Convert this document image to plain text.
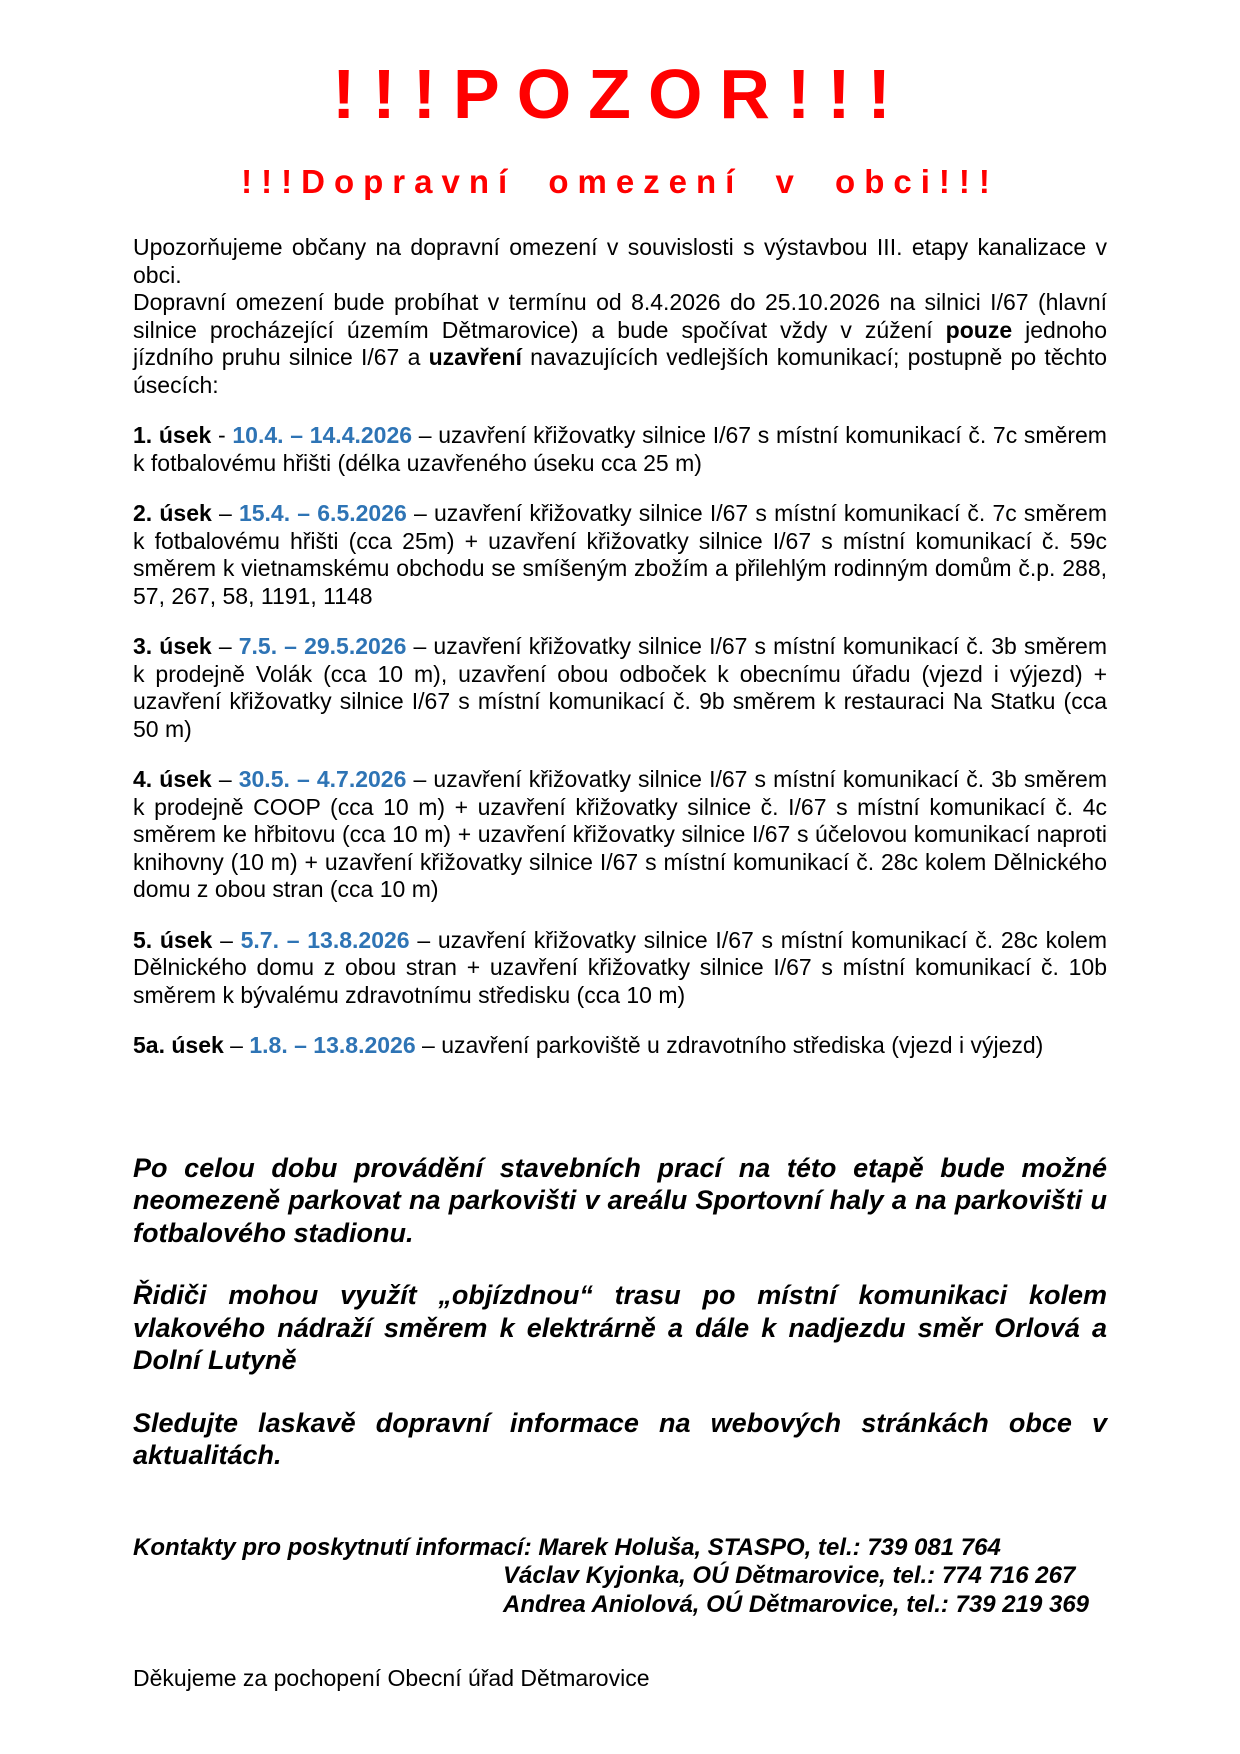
!!!POZOR!!!
!!!Dopravní omezení v obci!!!

Upozorňujeme občany na dopravní omezení v souvislosti s výstavbou III. etapy kanalizace v obci.

Dopravní omezení bude probíhat v termínu od 8.4.2026 do 25.10.2026 na silnici I/67 (hlavní silnice procházející územím Dětmarovice) a bude spočívat vždy v zúžení pouze jednoho jízdního pruhu silnice I/67 a uzavření navazujících vedlejších komunikací; postupně po těchto úsecích:

1. úsek - 10.4. – 14.4.2026 – uzavření křižovatky silnice I/67 s místní komunikací č. 7c směrem k fotbalovému hřišti (délka uzavřeného úseku cca 25 m)

2. úsek – 15.4. – 6.5.2026 – uzavření křižovatky silnice I/67 s místní komunikací č. 7c směrem k fotbalovému hřišti (cca 25m) + uzavření křižovatky silnice I/67 s místní komunikací č. 59c směrem k vietnamskému obchodu se smíšeným zbožím a přilehlým rodinným domům č.p. 288, 57, 267, 58, 1191, 1148

3. úsek – 7.5. – 29.5.2026 – uzavření křižovatky silnice I/67 s místní komunikací č. 3b směrem k prodejně Volák (cca 10 m), uzavření obou odboček k obecnímu úřadu (vjezd i výjezd) + uzavření křižovatky silnice I/67 s místní komunikací č. 9b směrem k restauraci Na Statku (cca 50 m)

4. úsek – 30.5. – 4.7.2026 – uzavření křižovatky silnice I/67 s místní komunikací č. 3b směrem k prodejně COOP (cca 10 m) + uzavření křižovatky silnice č. I/67 s místní komunikací č. 4c směrem ke hřbitovu (cca 10 m) + uzavření křižovatky silnice I/67 s účelovou komunikací naproti knihovny (10 m) + uzavření křižovatky silnice I/67 s místní komunikací č. 28c kolem Dělnického domu z obou stran (cca 10 m)

5. úsek – 5.7. – 13.8.2026 – uzavření křižovatky silnice I/67 s místní komunikací č. 28c kolem Dělnického domu z obou stran + uzavření křižovatky silnice I/67 s místní komunikací č. 10b směrem k bývalému zdravotnímu středisku (cca 10 m)

5a. úsek – 1.8. – 13.8.2026 – uzavření parkoviště u zdravotního střediska (vjezd i výjezd)

Po celou dobu provádění stavebních prací na této etapě bude možné neomezeně parkovat na parkovišti v areálu Sportovní haly a na parkovišti u fotbalového stadionu.

Řidiči mohou využít „objízdnou“ trasu po místní komunikaci kolem vlakového nádraží směrem k elektrárně a dále k nadjezdu směr Orlová a Dolní Lutyně

Sledujte laskavě dopravní informace na webových stránkách obce v aktualitách.

Kontakty pro poskytnutí informací: Marek Holuša, STASPO, tel.: 739 081 764

Václav Kyjonka, OÚ Dětmarovice, tel.: 774 716 267

Andrea Aniolová, OÚ Dětmarovice, tel.: 739 219 369

Děkujeme za pochopení Obecní úřad Dětmarovice
